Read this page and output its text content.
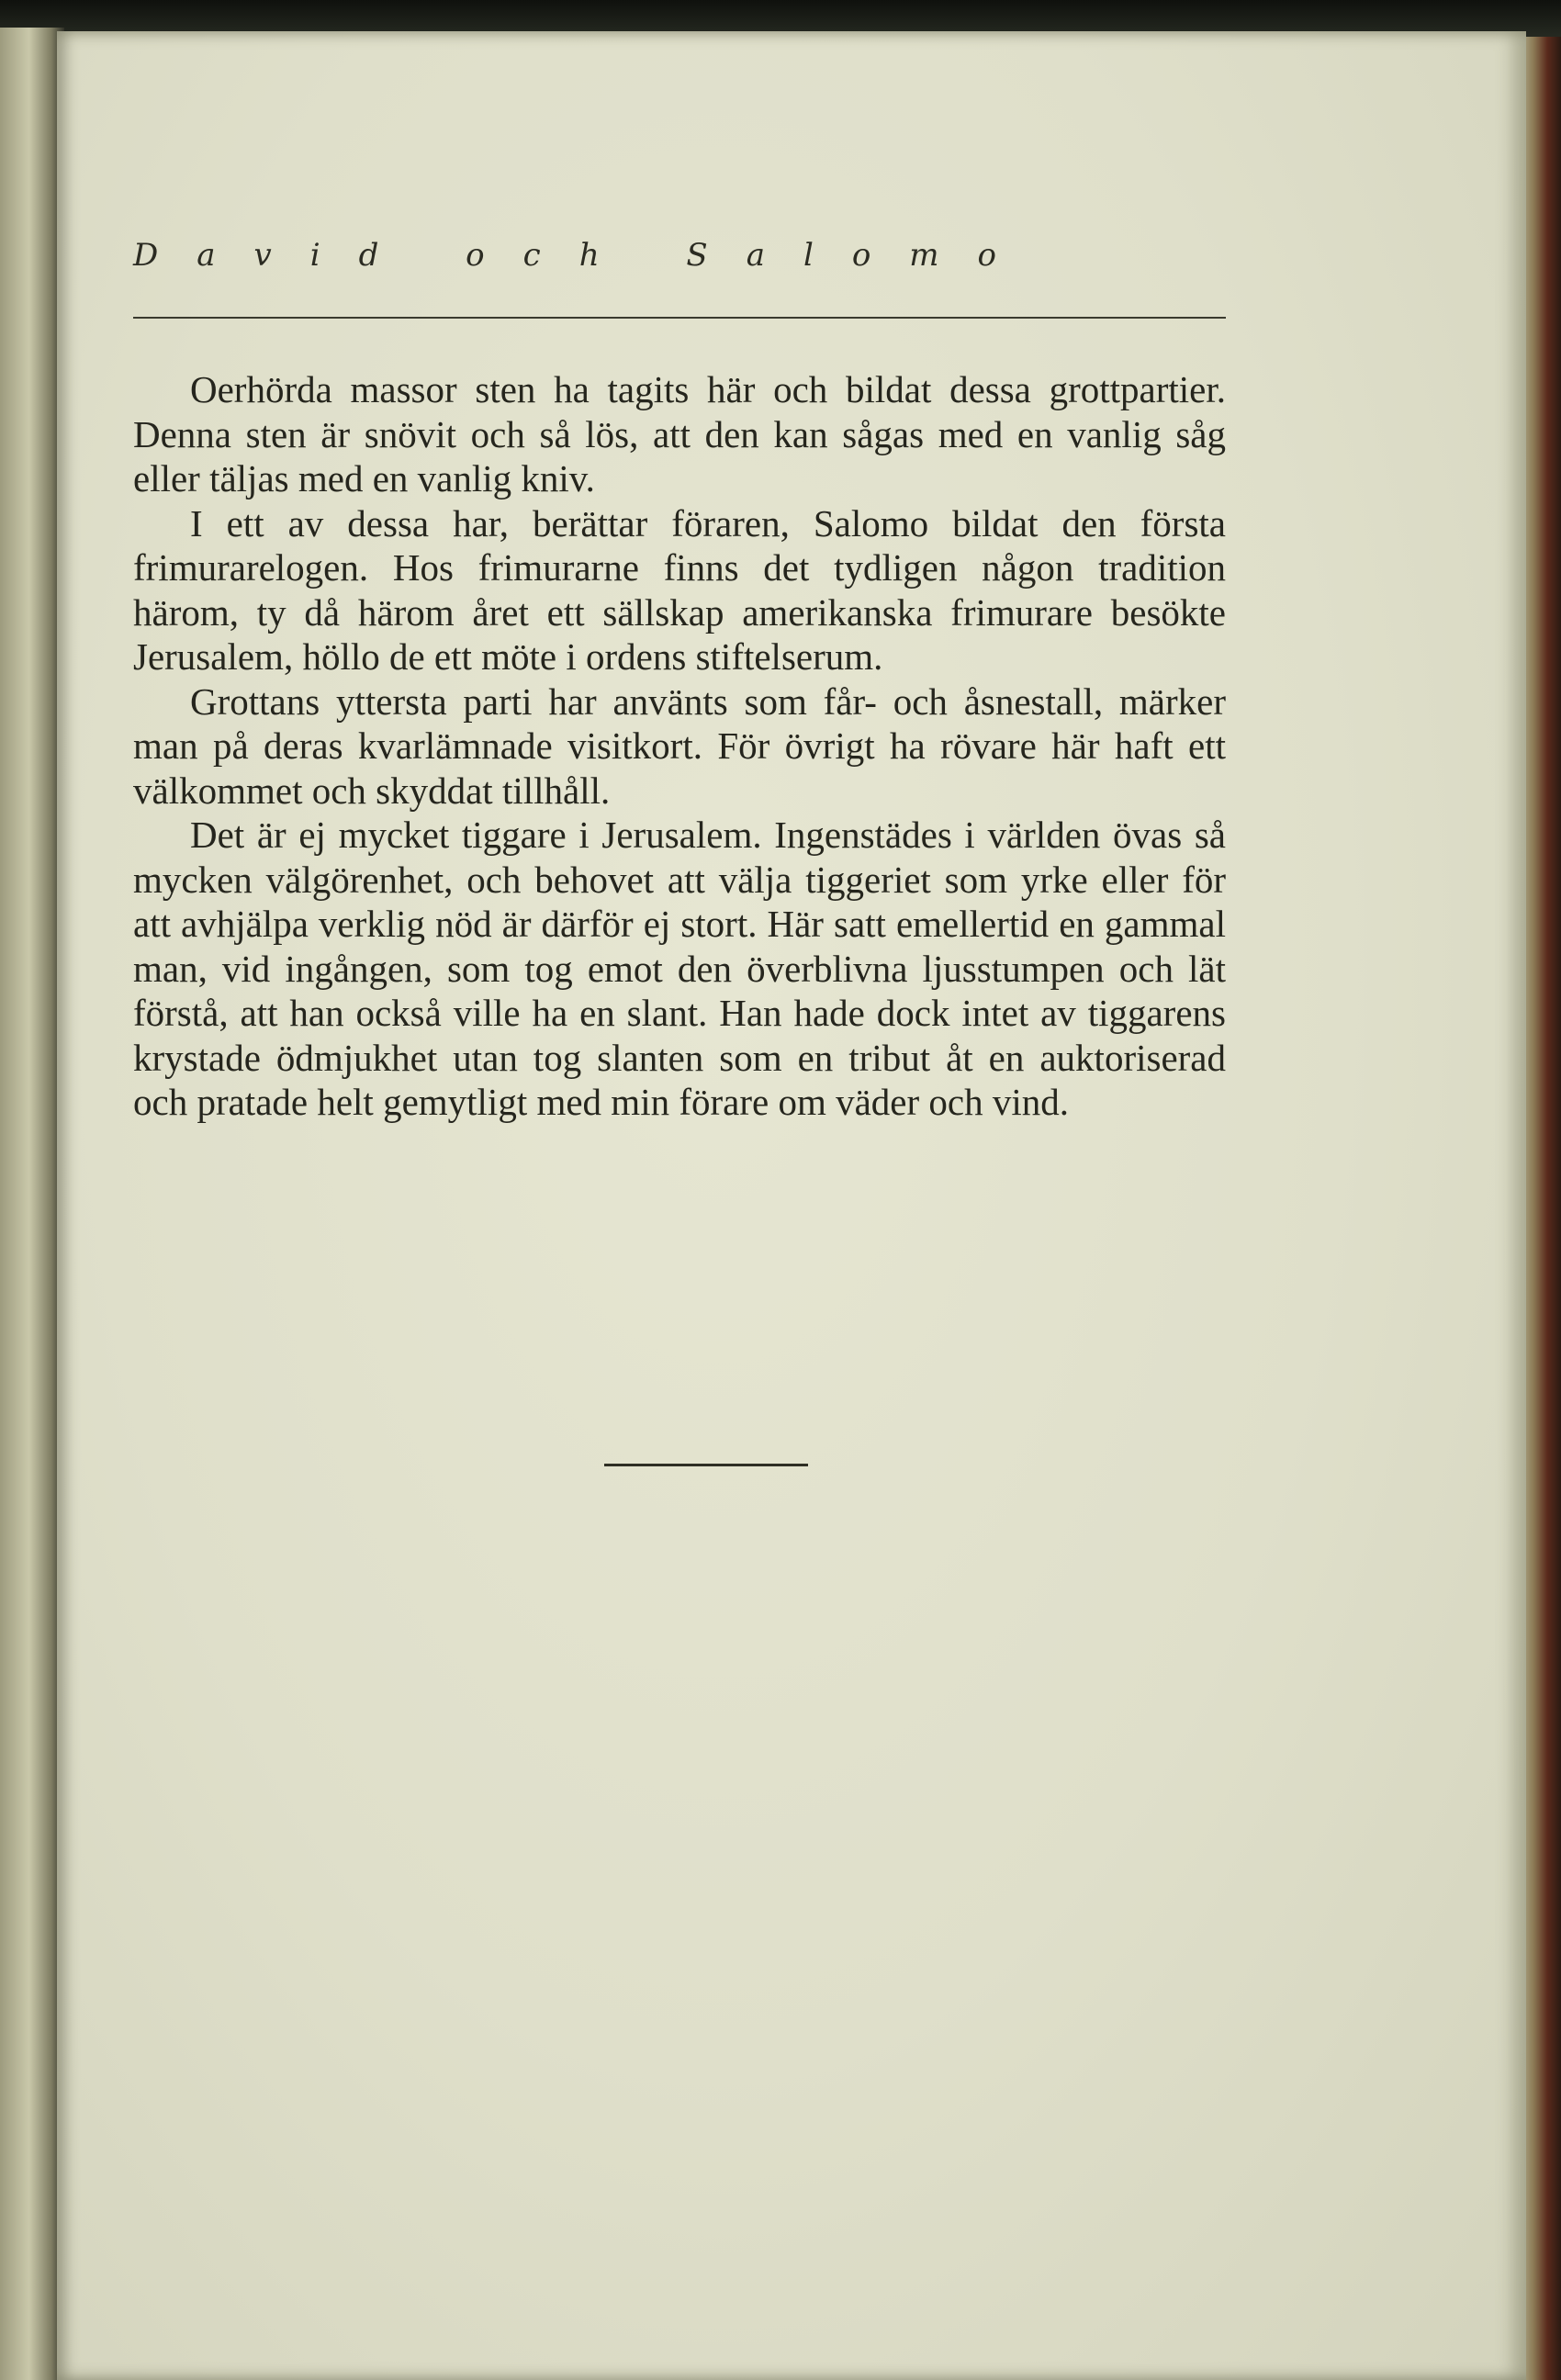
David och Salomo

Oerhörda massor sten ha tagits här och bildat dessa grottpartier. Denna sten är snövit och så lös, att den kan sågas med en vanlig såg eller täljas med en vanlig kniv.

I ett av dessa har, berättar föraren, Salomo bildat den första frimurarelogen. Hos frimurarne finns det tydligen någon tradition härom, ty då härom året ett sällskap amerikanska frimurare besökte Jerusalem, höllo de ett möte i ordens stiftelserum.

Grottans yttersta parti har använts som får- och åsnestall, märker man på deras kvarlämnade visitkort. För övrigt ha rövare här haft ett välkommet och skyddat tillhåll.

Det är ej mycket tiggare i Jerusalem. Ingenstädes i världen övas så mycken välgörenhet, och behovet att välja tiggeriet som yrke eller för att avhjälpa verklig nöd är därför ej stort. Här satt emellertid en gammal man, vid ingången, som tog emot den överblivna ljusstumpen och lät förstå, att han också ville ha en slant. Han hade dock intet av tiggarens krystade ödmjukhet utan tog slanten som en tribut åt en auktoriserad och pratade helt gemytligt med min förare om väder och vind.
